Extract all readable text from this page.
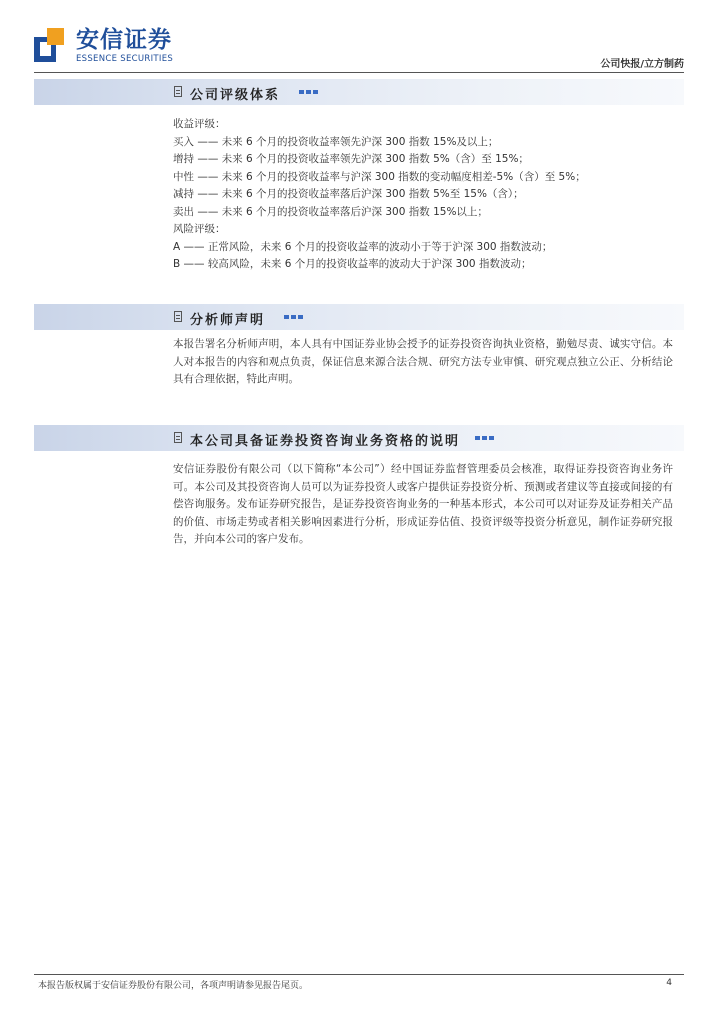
安信证券
ESSENCE SECURITIES	公司快报/立方制药
公司评级体系

收益评级：

买入 —— 未来 6 个月的投资收益率领先沪深 300 指数 15%及以上；

增持 —— 未来 6 个月的投资收益率领先沪深 300 指数 5%（含）至 15%；

中性 —— 未来 6 个月的投资收益率与沪深 300 指数的变动幅度相差-5%（含）至 5%；

减持 —— 未来 6 个月的投资收益率落后沪深 300 指数 5%至 15%（含）；

卖出 —— 未来 6 个月的投资收益率落后沪深 300 指数 15%以上；

风险评级：

A —— 正常风险，未来 6 个月的投资收益率的波动小于等于沪深 300 指数波动；

B —— 较高风险，未来 6 个月的投资收益率的波动大于沪深 300 指数波动；

分析师声明

本报告署名分析师声明，本人具有中国证券业协会授予的证券投资咨询执业资格，勤勉尽责、诚实守信。本人对本报告的内容和观点负责，保证信息来源合法合规、研究方法专业审慎、研究观点独立公正、分析结论具有合理依据，特此声明。

本公司具备证券投资咨询业务资格的说明

安信证券股份有限公司（以下简称“本公司”）经中国证券监督管理委员会核准，取得证券投资咨询业务许可。本公司及其投资咨询人员可以为证券投资人或客户提供证券投资分析、预测或者建议等直接或间接的有偿咨询服务。发布证券研究报告，是证券投资咨询业务的一种基本形式，本公司可以对证券及证券相关产品的价值、市场走势或者相关影响因素进行分析，形成证券估值、投资评级等投资分析意见，制作证券研究报告，并向本公司的客户发布。

本报告版权属于安信证券股份有限公司，各项声明请参见报告尾页。	4
